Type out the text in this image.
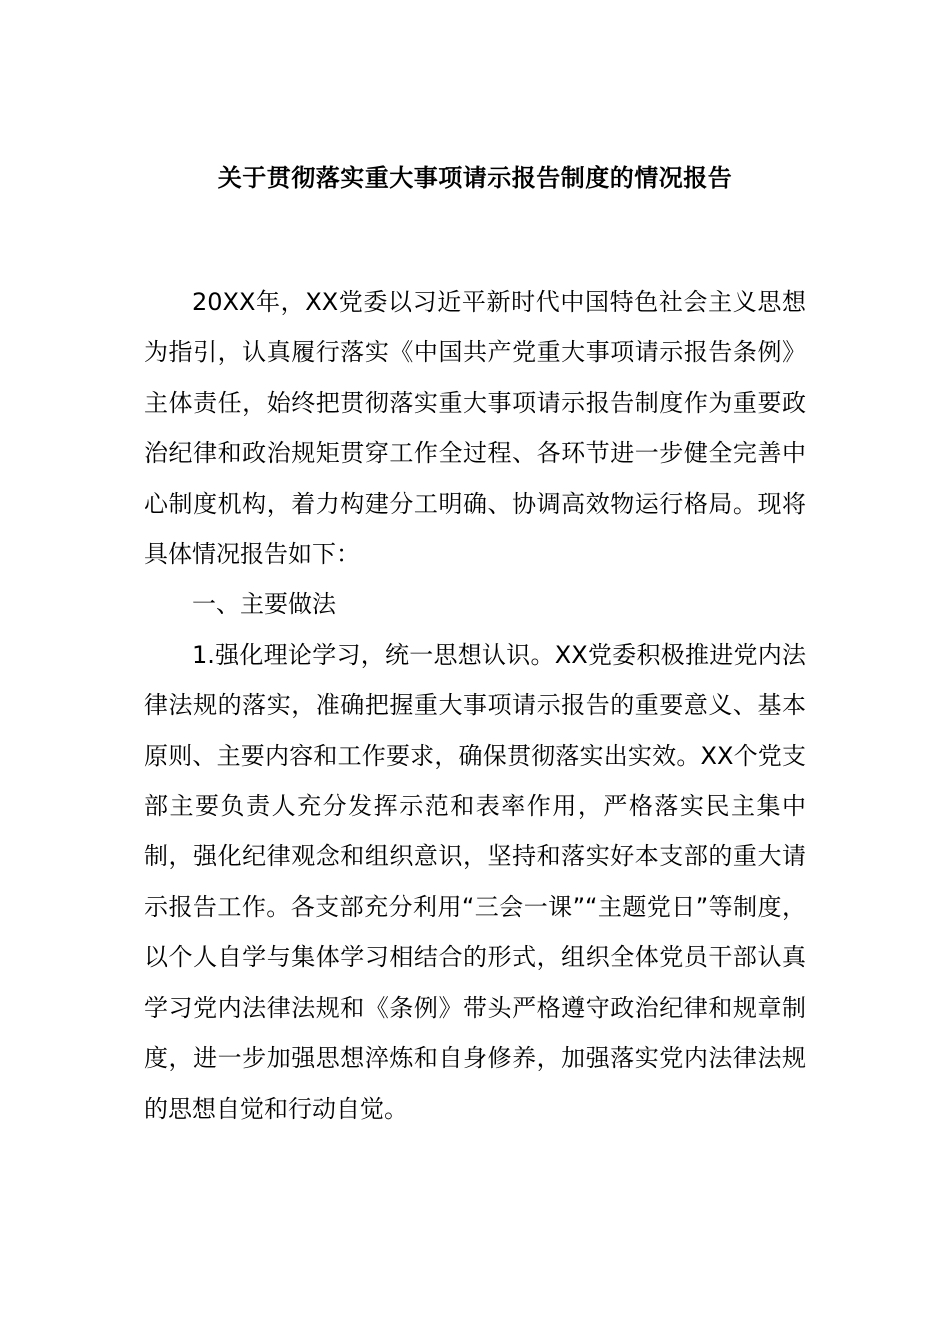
关于贯彻落实重大事项请示报告制度的情况报告

20XX年，XX党委以习近平新时代中国特色社会主义思想为指引，认真履行落实《中国共产党重大事项请示报告条例》主体责任，始终把贯彻落实重大事项请示报告制度作为重要政治纪律和政治规矩贯穿工作全过程、各环节进一步健全完善中心制度机构，着力构建分工明确、协调高效物运行格局。现将具体情况报告如下：

一、主要做法

1.强化理论学习，统一思想认识。XX党委积极推进党内法律法规的落实，准确把握重大事项请示报告的重要意义、基本原则、主要内容和工作要求，确保贯彻落实出实效。XX个党支部主要负责人充分发挥示范和表率作用，严格落实民主集中制，强化纪律观念和组织意识，坚持和落实好本支部的重大请示报告工作。各支部充分利用“三会一课”“主题党日”等制度，以个人自学与集体学习相结合的形式，组织全体党员干部认真学习党内法律法规和《条例》带头严格遵守政治纪律和规章制度，进一步加强思想淬炼和自身修养，加强落实党内法律法规的思想自觉和行动自觉。
